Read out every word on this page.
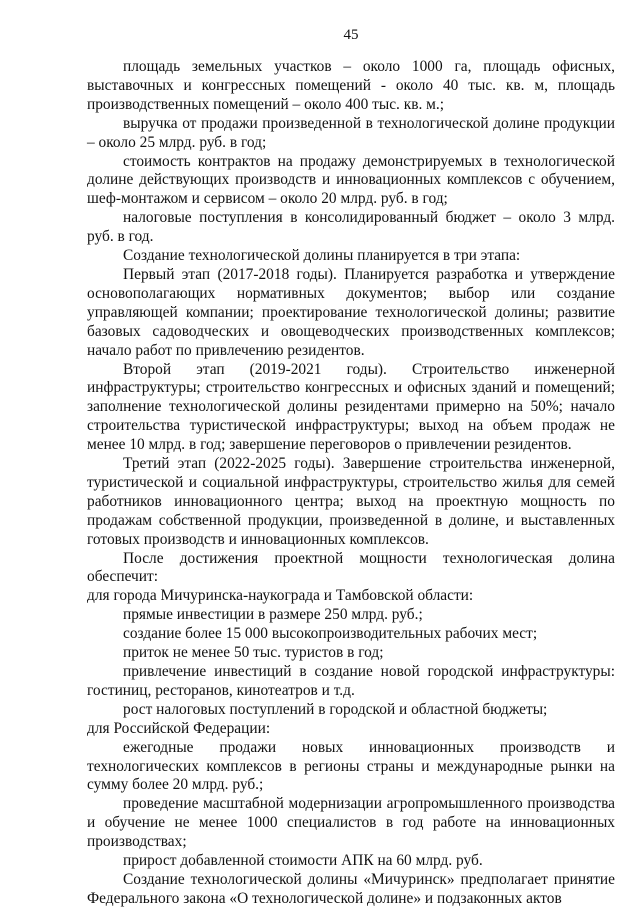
45

площадь земельных участков – около 1000 га, площадь офисных, выставочных и конгрессных помещений - около 40 тыс. кв. м, площадь производственных помещений – около 400 тыс. кв. м.;

выручка от продажи произведенной в технологической долине продукции – около 25 млрд. руб. в год;

стоимость контрактов на продажу демонстрируемых в технологической долине действующих производств и инновационных комплексов с обучением, шеф-монтажом и сервисом – около 20 млрд. руб. в год;

налоговые поступления в консолидированный бюджет – около 3 млрд. руб. в год.

Создание технологической долины планируется в три этапа:

Первый этап (2017-2018 годы). Планируется разработка и утверждение основополагающих нормативных документов; выбор или создание управляющей компании; проектирование технологической долины; развитие базовых садоводческих и овощеводческих производственных комплексов; начало работ по привлечению резидентов.

Второй этап (2019-2021 годы). Строительство инженерной инфраструктуры; строительство конгрессных и офисных зданий и помещений; заполнение технологической долины резидентами примерно на 50%; начало строительства туристической инфраструктуры; выход на объем продаж не менее 10 млрд. в год; завершение переговоров о привлечении резидентов.

Третий этап (2022-2025 годы). Завершение строительства инженерной, туристической и социальной инфраструктуры, строительство жилья для семей работников инновационного центра; выход на проектную мощность по продажам собственной продукции, произведенной в долине, и выставленных готовых производств и инновационных комплексов.

После достижения проектной мощности технологическая долина обеспечит:

для города Мичуринска-наукограда и Тамбовской области:

прямые инвестиции в размере 250 млрд. руб.;

создание более 15 000 высокопроизводительных рабочих мест;

приток не менее 50 тыс. туристов в год;

привлечение инвестиций в создание новой городской инфраструктуры: гостиниц, ресторанов, кинотеатров и т.д.

рост налоговых поступлений в городской и областной бюджеты;

для Российской Федерации:

ежегодные продажи новых инновационных производств и технологических комплексов в регионы страны и международные рынки на сумму более 20 млрд. руб.;

проведение масштабной модернизации агропромышленного производства и обучение не менее 1000 специалистов в год работе на инновационных производствах;

прирост добавленной стоимости АПК на 60 млрд. руб.

Создание технологической долины «Мичуринск» предполагает принятие Федерального закона «О технологической долине» и подзаконных актов
